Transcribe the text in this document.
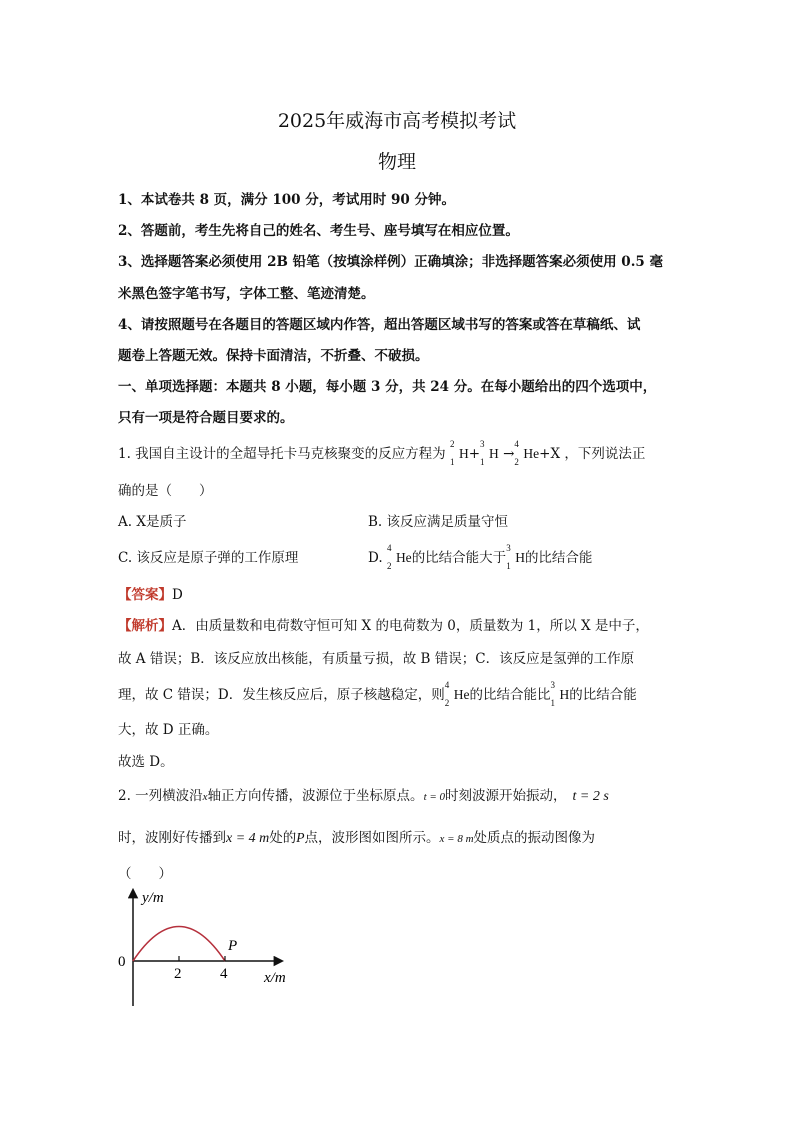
2025年威海市高考模拟考试
物理
1、本试卷共 8 页，满分 100 分，考试用时 90 分钟。
2、答题前，考生先将自己的姓名、考生号、座号填写在相应位置。
3、选择题答案必须使用 2B 铅笔（按填涂样例）正确填涂；非选择题答案必须使用 0.5 毫
米黑色签字笔书写，字体工整、笔迹清楚。
4、请按照题号在各题目的答题区域内作答，超出答题区域书写的答案或答在草稿纸、试
题卷上答题无效。保持卡面清洁，不折叠、不破损。
一、单项选择题：本题共 8 小题，每小题 3 分，共 24 分。在每小题给出的四个选项中，
只有一项是符合题目要求的。
1. 我国自主设计的全超导托卡马克核聚变的反应方程为
2
1
H+
3
1
H →
4
2
He+X ，下列说法正
确的是（　　）
A. X是质子	B. 该反应满足质量守恒
C. 该反应是原子弹的工作原理	D.
4
2
He的比结合能大于
3
1
H的比结合能
【答案】D
【解析】A．由质量数和电荷数守恒可知 X 的电荷数为 0，质量数为 1，所以 X 是中子，
故 A 错误；B．该反应放出核能，有质量亏损，故 B 错误；C．该反应是氢弹的工作原
理，故 C 错误；D．发生核反应后，原子核越稳定，则
4
2
He的比结合能比
3
1
H的比结合能
大，故 D 正确。
故选 D。
2. 一列横波沿x轴正方向传播，波源位于坐标原点。t = 0时刻波源开始振动， t = 2 s
时，波刚好传播到x = 4 m处的P点，波形图如图所示。x = 8 m处质点的振动图像为
（　　）
y/m
0
2	4
P
x/m
